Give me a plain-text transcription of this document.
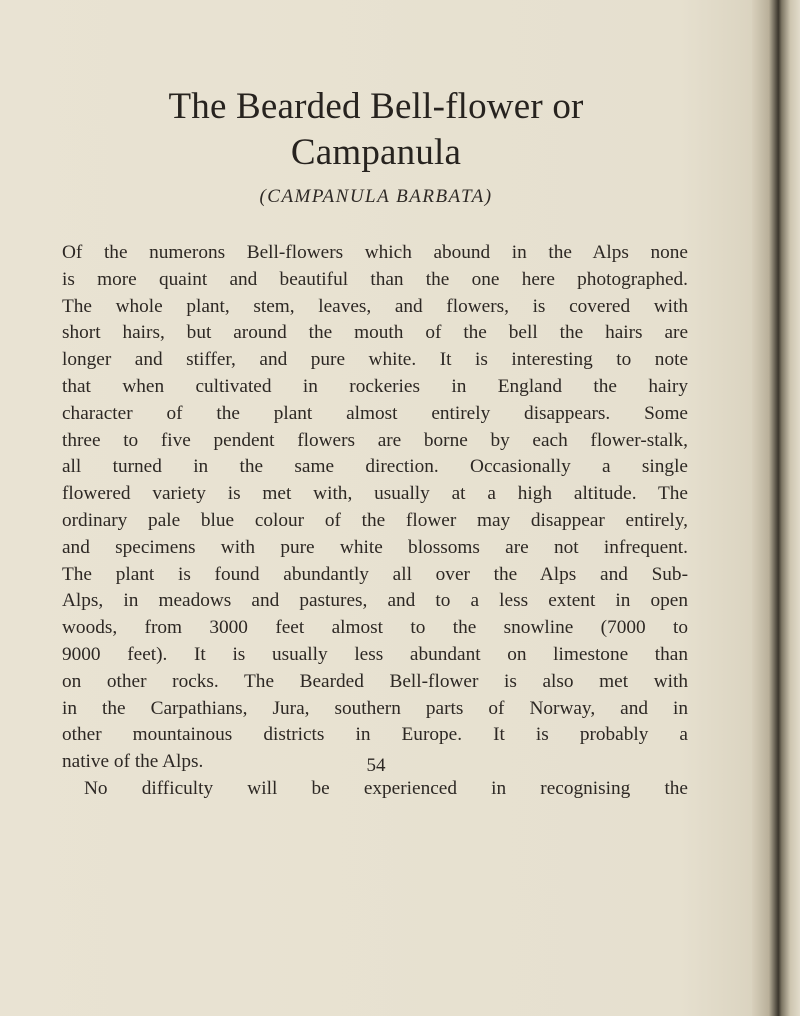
The Bearded Bell-flower or
Campanula
(CAMPANULA BARBATA)
Of the numerons Bell-flowers which abound in the Alps none
is more quaint and beautiful than the one here photographed.
The whole plant, stem, leaves, and flowers, is covered with
short hairs, but around the mouth of the bell the hairs are
longer and stiffer, and pure white. It is interesting to note
that when cultivated in rockeries in England the hairy
character of the plant almost entirely disappears. Some
three to five pendent flowers are borne by each flower-stalk,
all turned in the same direction. Occasionally a single
flowered variety is met with, usually at a high altitude. The
ordinary pale blue colour of the flower may disappear entirely,
and specimens with pure white blossoms are not infrequent.
The plant is found abundantly all over the Alps and Sub-
Alps, in meadows and pastures, and to a less extent in open
woods, from 3000 feet almost to the snowline (7000 to
9000 feet). It is usually less abundant on limestone than
on other rocks. The Bearded Bell-flower is also met with
in the Carpathians, Jura, southern parts of Norway, and in
other mountainous districts in Europe. It is probably a
native of the Alps.
No difficulty will be experienced in recognising the
54
